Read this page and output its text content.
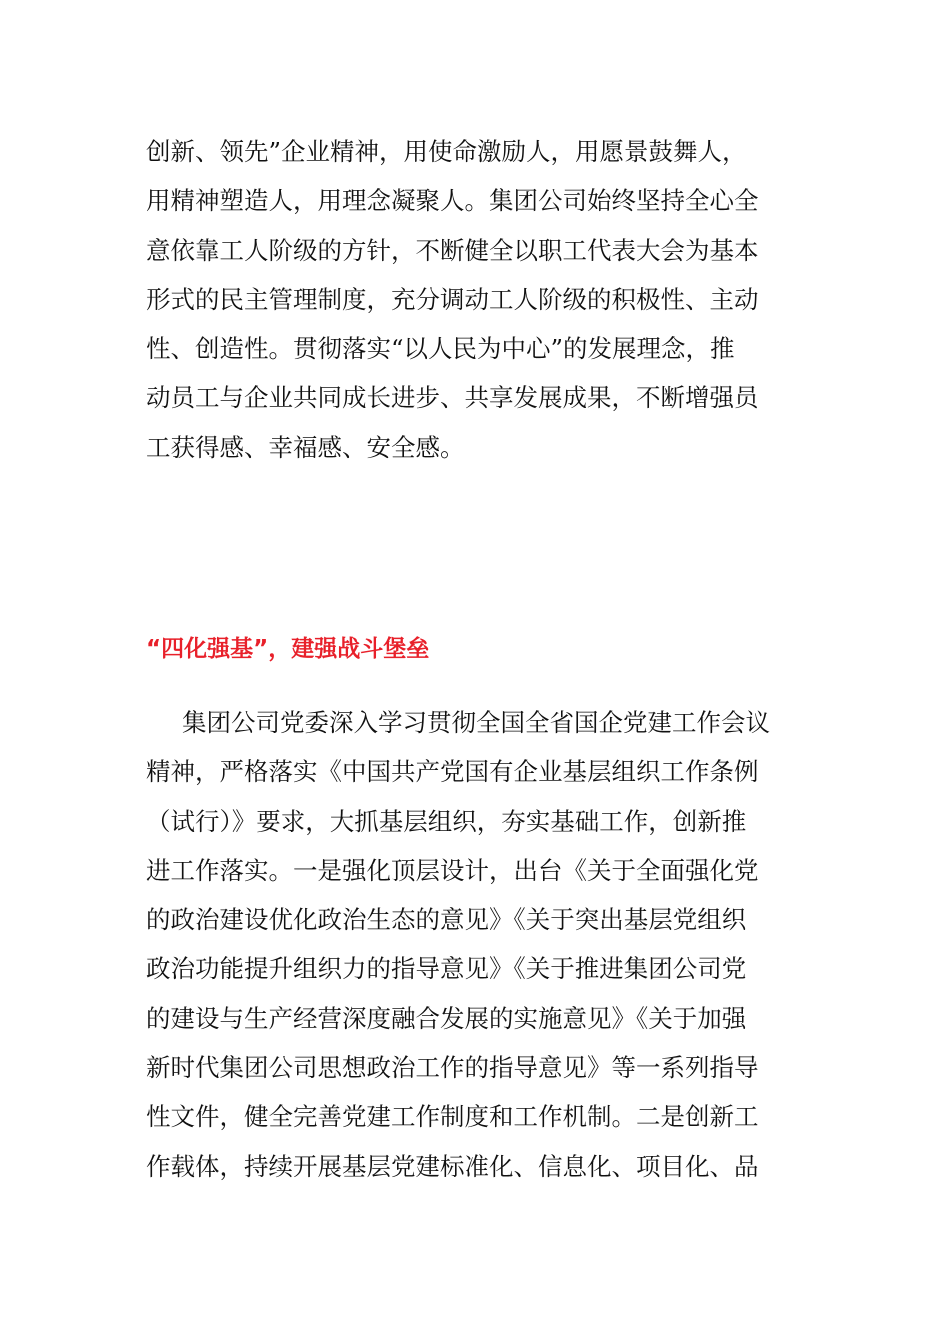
创新、领先”企业精神，用使命激励人，用愿景鼓舞人，
用精神塑造人，用理念凝聚人。集团公司始终坚持全心全
意依靠工人阶级的方针，不断健全以职工代表大会为基本
形式的民主管理制度，充分调动工人阶级的积极性、主动
性、创造性。贯彻落实“以人民为中心”的发展理念，推
动员工与企业共同成长进步、共享发展成果，不断增强员
工获得感、幸福感、安全感。
“四化强基”，建强战斗堡垒
集团公司党委深入学习贯彻全国全省国企党建工作会议
精神，严格落实《中国共产党国有企业基层组织工作条例
（试行）》要求，大抓基层组织，夯实基础工作，创新推
进工作落实。一是强化顶层设计，出台《关于全面强化党
的政治建设优化政治生态的意见》《关于突出基层党组织
政治功能提升组织力的指导意见》《关于推进集团公司党
的建设与生产经营深度融合发展的实施意见》《关于加强
新时代集团公司思想政治工作的指导意见》等一系列指导
性文件，健全完善党建工作制度和工作机制。二是创新工
作载体，持续开展基层党建标准化、信息化、项目化、品
